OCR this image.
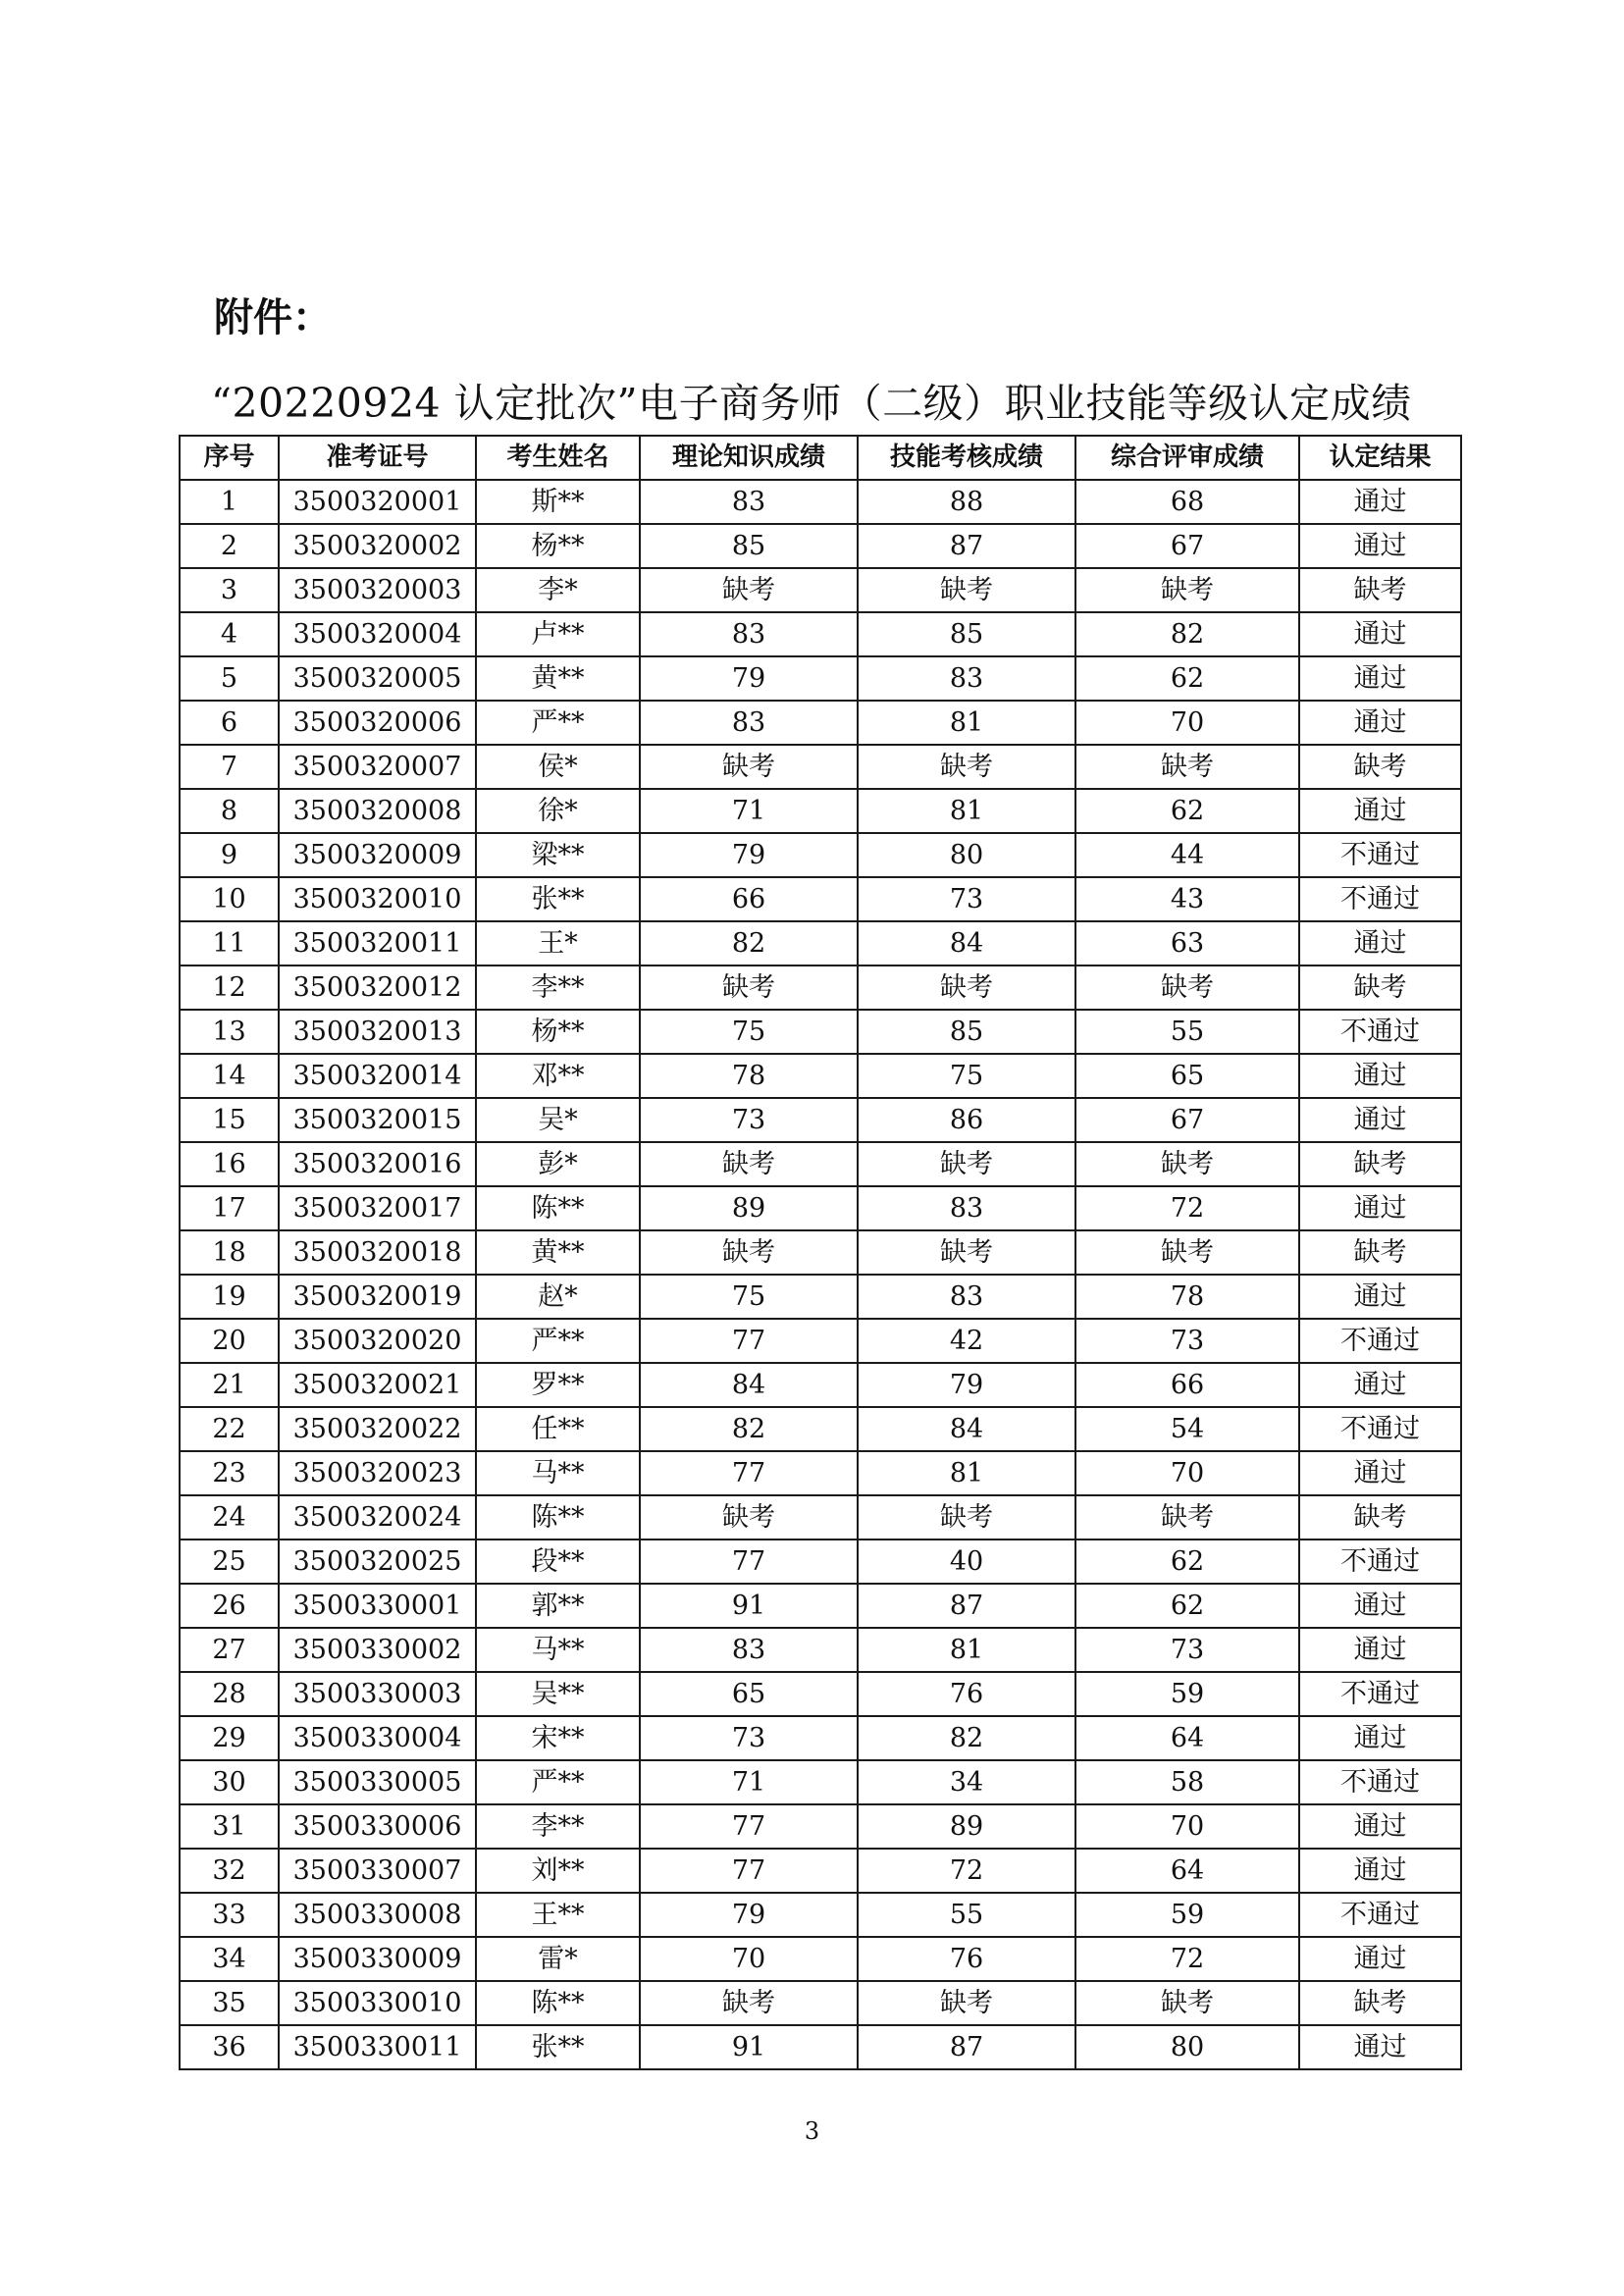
附件：

“20220924 认定批次”电子商务师（二级）职业技能等级认定成绩
序号	准考证号	考生姓名	理论知识成绩	技能考核成绩	综合评审成绩	认定结果
1	3500320001	斯**	83	88	68	通过
2	3500320002	杨**	85	87	67	通过
3	3500320003	李*	缺考	缺考	缺考	缺考
4	3500320004	卢**	83	85	82	通过
5	3500320005	黄**	79	83	62	通过
6	3500320006	严**	83	81	70	通过
7	3500320007	侯*	缺考	缺考	缺考	缺考
8	3500320008	徐*	71	81	62	通过
9	3500320009	梁**	79	80	44	不通过
10	3500320010	张**	66	73	43	不通过
11	3500320011	王*	82	84	63	通过
12	3500320012	李**	缺考	缺考	缺考	缺考
13	3500320013	杨**	75	85	55	不通过
14	3500320014	邓**	78	75	65	通过
15	3500320015	吴*	73	86	67	通过
16	3500320016	彭*	缺考	缺考	缺考	缺考
17	3500320017	陈**	89	83	72	通过
18	3500320018	黄**	缺考	缺考	缺考	缺考
19	3500320019	赵*	75	83	78	通过
20	3500320020	严**	77	42	73	不通过
21	3500320021	罗**	84	79	66	通过
22	3500320022	任**	82	84	54	不通过
23	3500320023	马**	77	81	70	通过
24	3500320024	陈**	缺考	缺考	缺考	缺考
25	3500320025	段**	77	40	62	不通过
26	3500330001	郭**	91	87	62	通过
27	3500330002	马**	83	81	73	通过
28	3500330003	吴**	65	76	59	不通过
29	3500330004	宋**	73	82	64	通过
30	3500330005	严**	71	34	58	不通过
31	3500330006	李**	77	89	70	通过
32	3500330007	刘**	77	72	64	通过
33	3500330008	王**	79	55	59	不通过
34	3500330009	雷*	70	76	72	通过
35	3500330010	陈**	缺考	缺考	缺考	缺考
36	3500330011	张**	91	87	80	通过

3
